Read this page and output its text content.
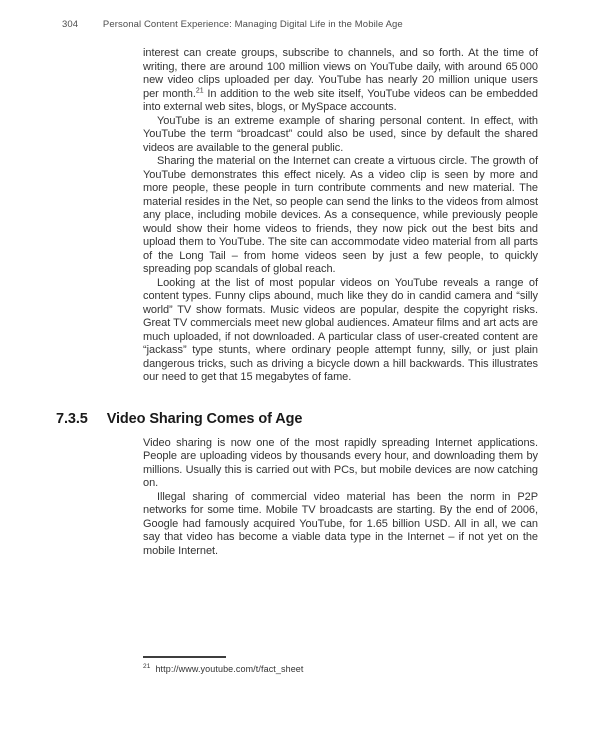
304	Personal Content Experience: Managing Digital Life in the Mobile Age

interest can create groups, subscribe to channels, and so forth. At the time of writing, there are around 100 million views on YouTube daily, with around 65 000 new video clips uploaded per day. YouTube has nearly 20 million unique users per month.$^{21}$ In addition to the web site itself, YouTube videos can be embedded into external web sites, blogs, or MySpace accounts.

YouTube is an extreme example of sharing personal content. In effect, with YouTube the term “broadcast” could also be used, since by default the shared videos are available to the general public.

Sharing the material on the Internet can create a virtuous circle. The growth of YouTube demonstrates this effect nicely. As a video clip is seen by more and more people, these people in turn contribute comments and new material. The material resides in the Net, so people can send the links to the videos from almost any place, including mobile devices. As a consequence, while previously people would show their home videos to friends, they now pick out the best bits and upload them to YouTube. The site can accommodate video material from all parts of the Long Tail – from home videos seen by just a few people, to quickly spreading pop scandals of global reach.

Looking at the list of most popular videos on YouTube reveals a range of content types. Funny clips abound, much like they do in candid camera and “silly world” TV show formats. Music videos are popular, despite the copyright risks. Great TV commercials meet new global audiences. Amateur films and art acts are much uploaded, if not downloaded. A particular class of user-created content are “jackass” type stunts, where ordinary people attempt funny, silly, or just plain dangerous tricks, such as driving a bicycle down a hill backwards. This illustrates our need to get that 15 megabytes of fame.

7.3.5 Video Sharing Comes of Age

Video sharing is now one of the most rapidly spreading Internet applications. People are uploading videos by thousands every hour, and downloading them by millions. Usually this is carried out with PCs, but mobile devices are now catching on.

Illegal sharing of commercial video material has been the norm in P2P networks for some time. Mobile TV broadcasts are starting. By the end of 2006, Google had famously acquired YouTube, for 1.65 billion USD. All in all, we can say that video has become a viable data type in the Internet – if not yet on the mobile Internet.

$^{21}$ http://www.youtube.com/t/fact_sheet
